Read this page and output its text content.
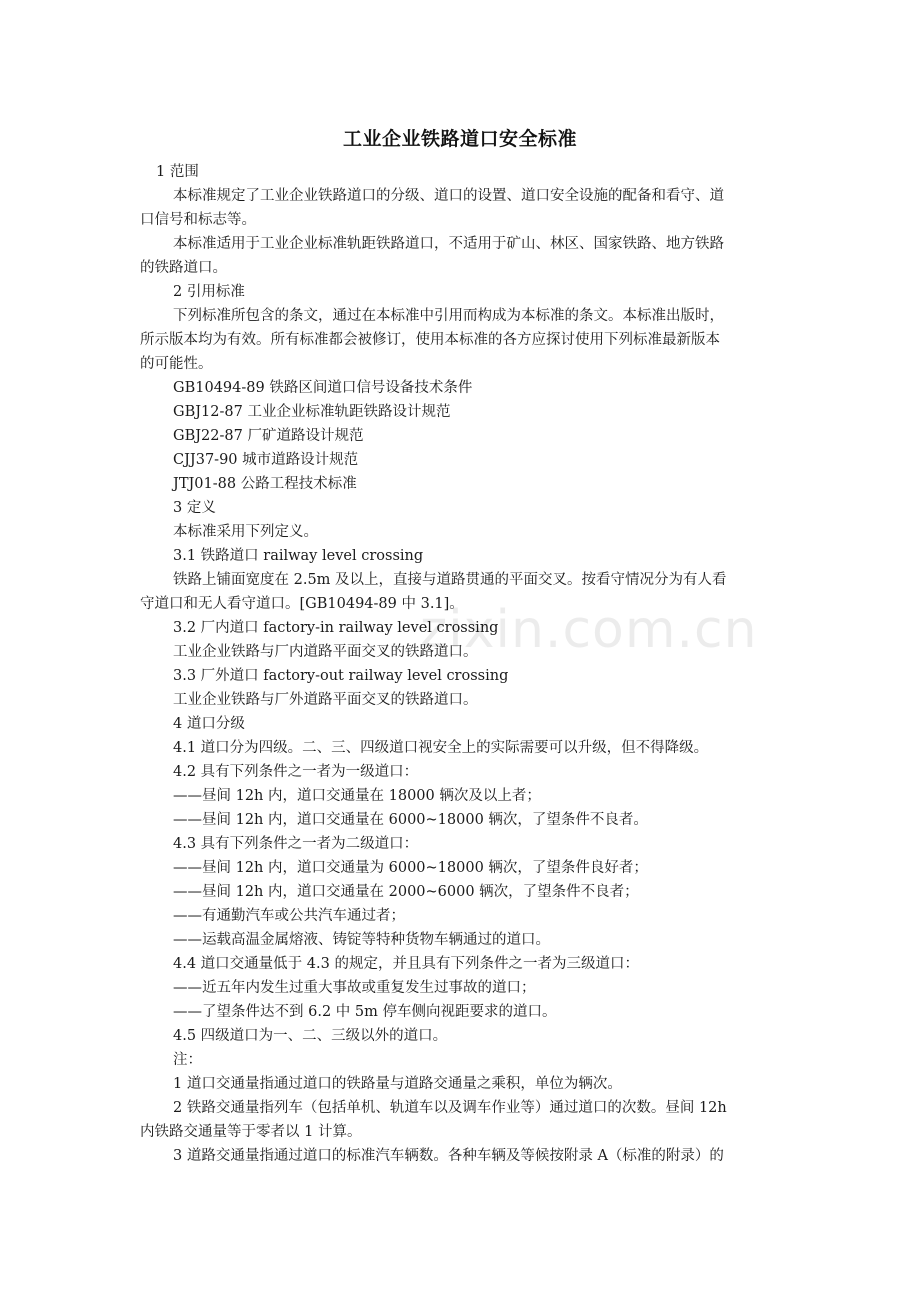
工业企业铁路道口安全标准
zixin.com.cn
1 范围
本标准规定了工业企业铁路道口的分级、道口的设置、道口安全设施的配备和看守、道
口信号和标志等。
本标准适用于工业企业标准轨距铁路道口，不适用于矿山、林区、国家铁路、地方铁路
的铁路道口。
2 引用标准
下列标准所包含的条文，通过在本标准中引用而构成为本标准的条文。本标准出版时，
所示版本均为有效。所有标准都会被修订，使用本标准的各方应探讨使用下列标准最新版本
的可能性。
GB10494-89 铁路区间道口信号设备技术条件
GBJ12-87 工业企业标准轨距铁路设计规范
GBJ22-87 厂矿道路设计规范
CJJ37-90 城市道路设计规范
JTJ01-88 公路工程技术标准
3 定义
本标准采用下列定义。
3.1 铁路道口 railway level crossing
铁路上铺面宽度在 2.5m 及以上，直接与道路贯通的平面交叉。按看守情况分为有人看
守道口和无人看守道口。[GB10494-89 中 3.1]。
3.2 厂内道口 factory-in railway level crossing
工业企业铁路与厂内道路平面交叉的铁路道口。
3.3 厂外道口 factory-out railway level crossing
工业企业铁路与厂外道路平面交叉的铁路道口。
4 道口分级
4.1 道口分为四级。二、三、四级道口视安全上的实际需要可以升级，但不得降级。
4.2 具有下列条件之一者为一级道口：
——昼间 12h 内，道口交通量在 18000 辆次及以上者；
——昼间 12h 内，道口交通量在 6000~18000 辆次，了望条件不良者。
4.3 具有下列条件之一者为二级道口：
——昼间 12h 内，道口交通量为 6000~18000 辆次，了望条件良好者；
——昼间 12h 内，道口交通量在 2000~6000 辆次，了望条件不良者；
——有通勤汽车或公共汽车通过者；
——运载高温金属熔液、铸锭等特种货物车辆通过的道口。
4.4 道口交通量低于 4.3 的规定，并且具有下列条件之一者为三级道口：
——近五年内发生过重大事故或重复发生过事故的道口；
——了望条件达不到 6.2 中 5m 停车侧向视距要求的道口。
4.5 四级道口为一、二、三级以外的道口。
注：
1 道口交通量指通过道口的铁路量与道路交通量之乘积，单位为辆次。
2 铁路交通量指列车（包括单机、轨道车以及调车作业等）通过道口的次数。昼间 12h
内铁路交通量等于零者以 1 计算。
3 道路交通量指通过道口的标准汽车辆数。各种车辆及等候按附录 A（标准的附录）的
